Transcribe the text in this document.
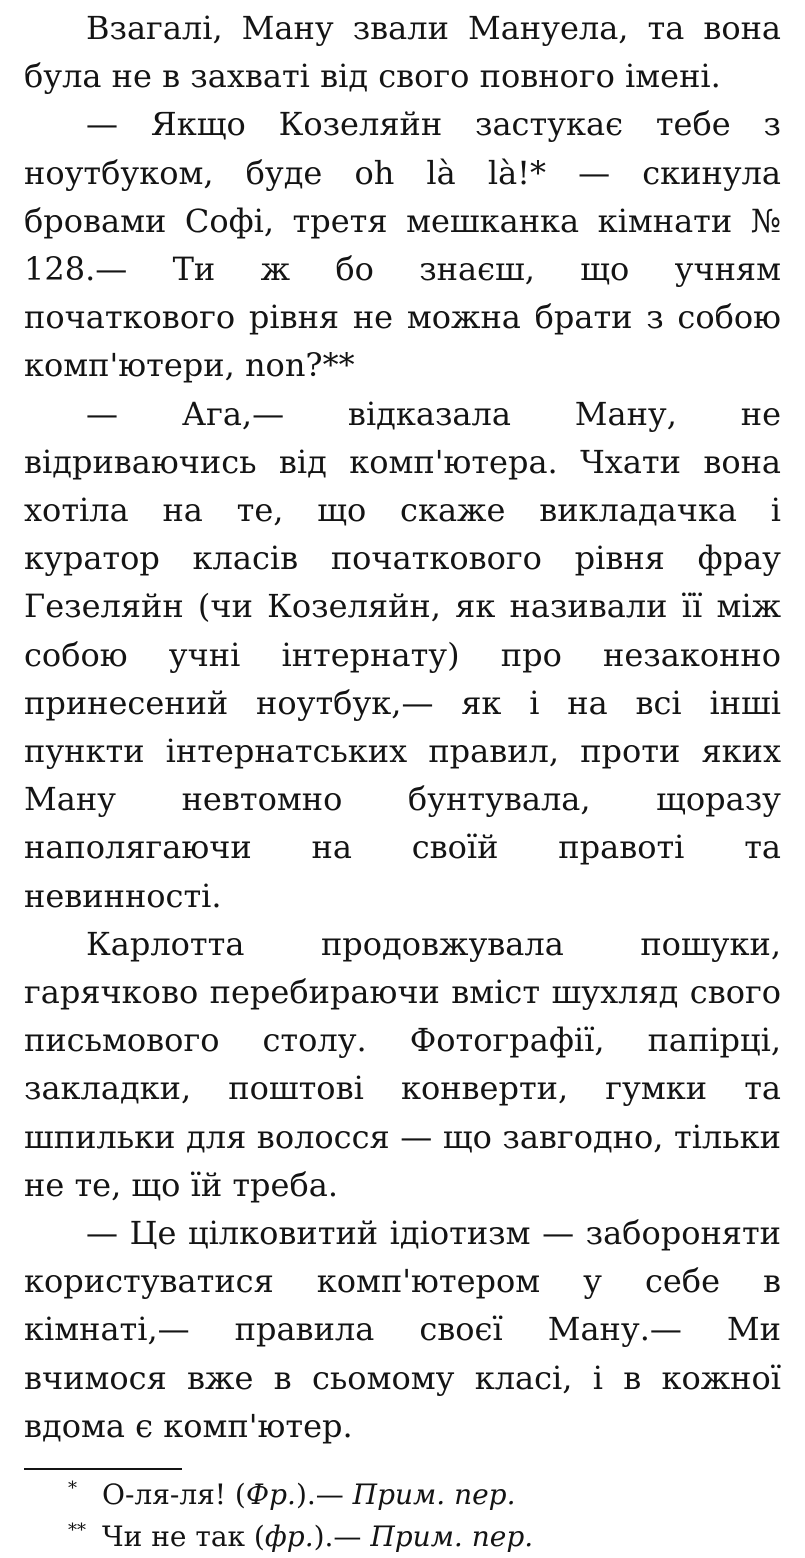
Взагалі, Ману звали Мануела, та вона була не в захваті від свого повного імені.

— Якщо Козеляйн застукає тебе з ноутбуком, буде oh là là!* — скинула бровами Софі, третя мешканка кімнати № 128.— Ти ж бо знаєш, що учням початкового рівня не можна брати з собою комп'ютери, non?**

— Ага,— відказала Ману, не відриваючись від комп'ютера. Чхати вона хотіла на те, що скаже викладачка і куратор класів початкового рівня фрау Гезеляйн (чи Козеляйн, як називали її між собою учні інтернату) про незаконно принесений ноутбук,— як і на всі інші пункти інтернатських правил, проти яких Ману невтомно бунтувала, щоразу наполягаючи на своїй правоті та невинності.

Карлотта продовжувала пошуки, гарячково перебираючи вміст шухляд свого письмового столу. Фотографії, папірці, закладки, поштові конверти, гумки та шпильки для волосся — що завгодно, тільки не те, що їй треба.

— Це цілковитий ідіотизм — забороняти користуватися комп'ютером у себе в кімнаті,— правила своєї Ману.— Ми вчимося вже в сьомому класі, і в кожної вдома є комп'ютер.

* О-ля-ля! (Фр.).— Прим. пер.

** Чи не так (фр.).— Прим. пер.
